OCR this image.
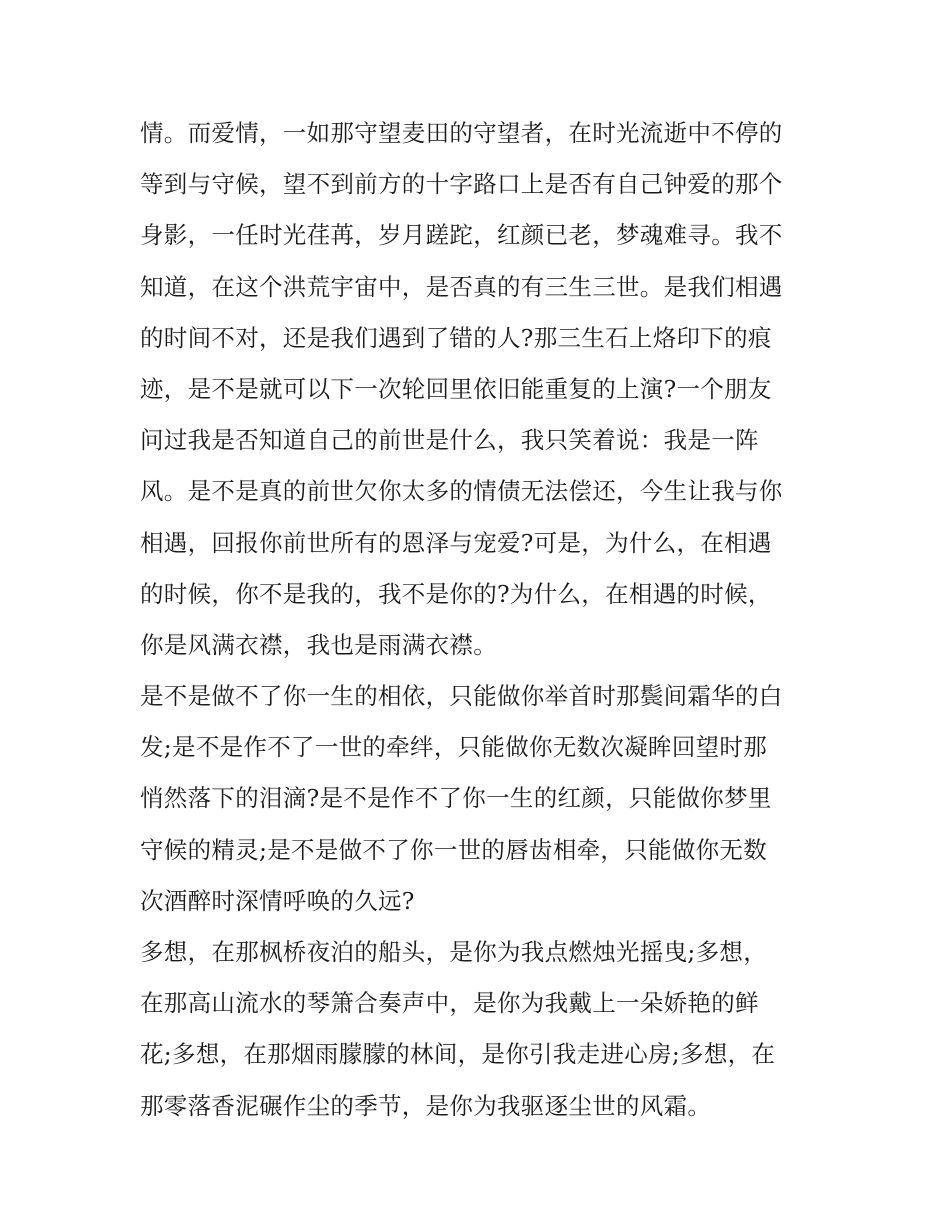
情。而爱情，一如那守望麦田的守望者，在时光流逝中不停的
等到与守候，望不到前方的十字路口上是否有自己钟爱的那个
身影，一任时光荏苒，岁月蹉跎，红颜已老，梦魂难寻。我不
知道，在这个洪荒宇宙中，是否真的有三生三世。是我们相遇
的时间不对，还是我们遇到了错的人?那三生石上烙印下的痕
迹，是不是就可以下一次轮回里依旧能重复的上演?一个朋友
问过我是否知道自己的前世是什么，我只笑着说：我是一阵
风。是不是真的前世欠你太多的情债无法偿还，今生让我与你
相遇，回报你前世所有的恩泽与宠爱?可是，为什么，在相遇
的时候，你不是我的，我不是你的?为什么，在相遇的时候，
你是风满衣襟，我也是雨满衣襟。
是不是做不了你一生的相依，只能做你举首时那鬓间霜华的白
发;是不是作不了一世的牵绊，只能做你无数次凝眸回望时那
悄然落下的泪滴?是不是作不了你一生的红颜，只能做你梦里
守候的精灵;是不是做不了你一世的唇齿相牵，只能做你无数
次酒醉时深情呼唤的久远?
多想，在那枫桥夜泊的船头，是你为我点燃烛光摇曳;多想，
在那高山流水的琴箫合奏声中，是你为我戴上一朵娇艳的鲜
花;多想，在那烟雨朦朦的林间，是你引我走进心房;多想，在
那零落香泥碾作尘的季节，是你为我驱逐尘世的风霜。
